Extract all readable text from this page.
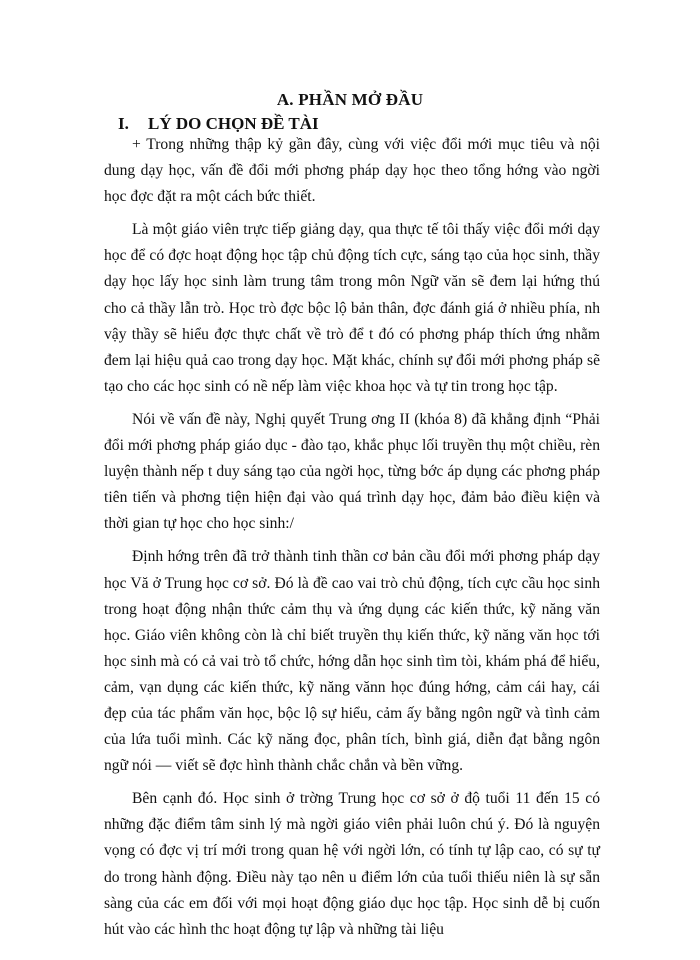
A. PHẦN MỞ ĐẦU
I. LÝ DO CHỌN ĐỀ TÀI

+ Trong những thập kỷ gần đây, cùng với việc đổi mới mục tiêu và nội dung dạy học, vấn đề đổi mới phơng pháp dạy học theo tổng hớng vào ngời học đợc đặt ra một cách bức thiết.

Là một giáo viên trực tiếp giảng dạy, qua thực tế tôi thấy việc đổi mới dạy học để có đợc hoạt động học tập chủ động tích cực, sáng tạo của học sinh, thầy dạy học lấy học sinh làm trung tâm trong môn Ngữ văn sẽ đem lại hứng thú cho cả thầy lẫn trò. Học trò đợc bộc lộ bản thân, đợc đánh giá ở nhiều phía, nh vậy thầy sẽ hiểu đợc thực chất về trò để t đó có phơng pháp thích ứng nhằm đem lại hiệu quả cao trong dạy học. Mặt khác, chính sự đổi mới phơng pháp sẽ tạo cho các học sinh có nề nếp làm việc khoa học và tự tin trong học tập.

Nói về vấn đề này, Nghị quyết Trung ơng II (khóa 8) đã khẳng định “Phải đổi mới phơng pháp giáo dục - đào tạo, khắc phục lối truyền thụ một chiều, rèn luyện thành nếp t duy sáng tạo của ngời học, từng bớc áp dụng các phơng pháp tiên tiến và phơng tiện hiện đại vào quá trình dạy học, đảm bảo điều kiện và thời gian tự học cho học sinh:/

Định hớng trên đã trở thành tinh thần cơ bản cầu đổi mới phơng pháp dạy học Vă ở Trung học cơ sở. Đó là đề cao vai trò chủ động, tích cực cầu học sinh trong hoạt động nhận thức cảm thụ và ứng dụng các kiến thức, kỹ năng văn học. Giáo viên không còn là chỉ biết truyền thụ kiến thức, kỹ năng văn học tới học sinh mà có cả vai trò tổ chức, hớng dẫn học sinh tìm tòi, khám phá để hiểu, cảm, vạn dụng các kiến thức, kỹ năng vănn học đúng hớng, cảm cái hay, cái đẹp của tác phẩm văn học, bộc lộ sự hiểu, cảm ấy bằng ngôn ngữ và tình cảm của lứa tuổi mình. Các kỹ năng đọc, phân tích, bình giá, diễn đạt bằng ngôn ngữ nói — viết sẽ đợc hình thành chắc chắn và bền vững.

Bên cạnh đó. Học sinh ở trờng Trung học cơ sở ở độ tuổi 11 đến 15 có những đặc điểm tâm sinh lý mà ngời giáo viên phải luôn chú ý. Đó là nguyện vọng có đợc vị trí mới trong quan hệ với ngời lớn, có tính tự lập cao, có sự tự do trong hành động. Điều này tạo nên u điểm lớn của tuổi thiếu niên là sự sẵn sàng của các em đối với mọi hoạt động giáo dục học tập. Học sinh dễ bị cuốn hút vào các hình thc hoạt động tự lập và những tài liệu
